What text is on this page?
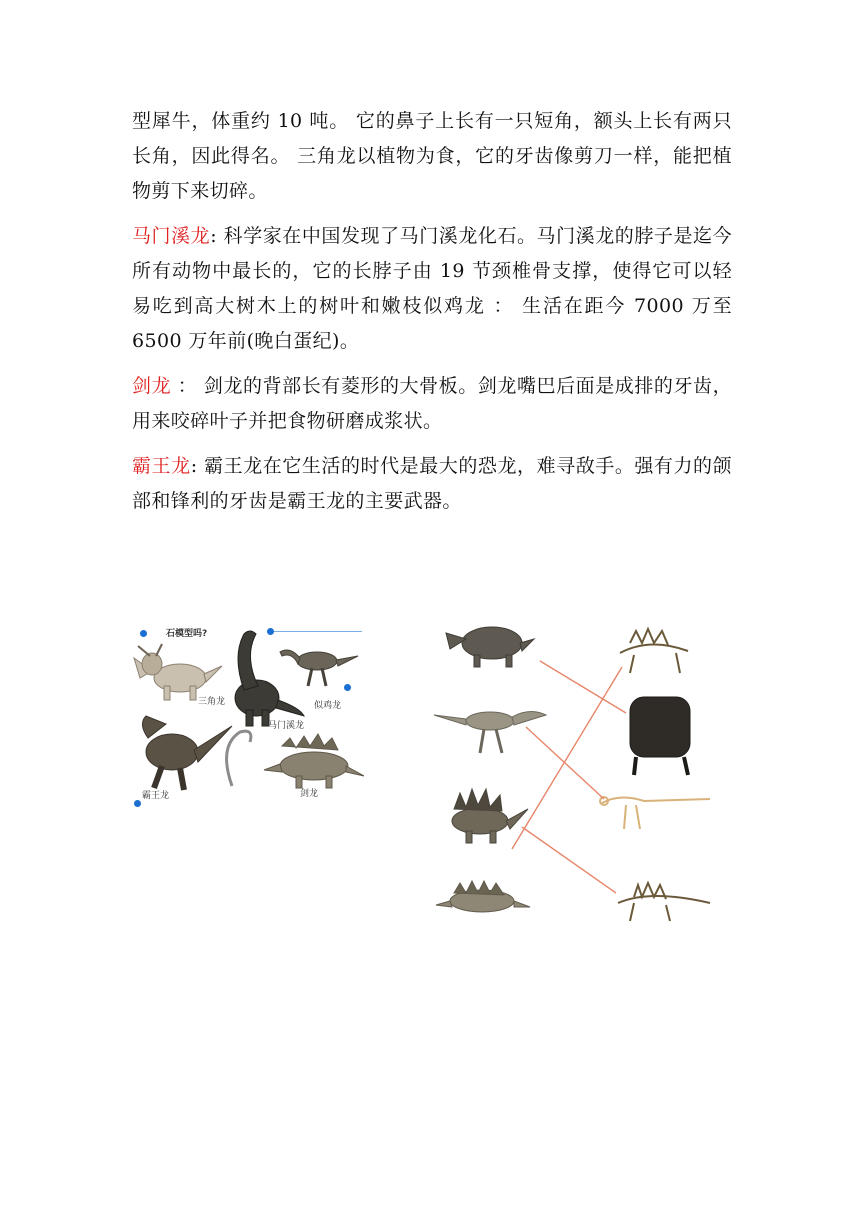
型犀牛，体重约 10 吨。 它的鼻子上长有一只短角，额头上长有两只长角，因此得名。 三角龙以植物为食，它的牙齿像剪刀一样，能把植物剪下来切碎。

马门溪龙: 科学家在中国发现了马门溪龙化石。马门溪龙的脖子是迄今所有动物中最长的，它的长脖子由 19 节颈椎骨支撑，使得它可以轻易吃到高大树木上的树叶和嫩枝似鸡龙 ： 生活在距今 7000 万至 6500 万年前(晚白蛋纪)。

剑龙 ： 剑龙的背部长有菱形的大骨板。剑龙嘴巴后面是成排的牙齿，用来咬碎叶子并把食物研磨成浆状。

霸王龙: 霸王龙在它生活的时代是最大的恐龙，难寻敌手。强有力的颌部和锋利的牙齿是霸王龙的主要武器。

石模型吗?
三角龙
马门溪龙
似鸡龙
霸王龙	剑龙
